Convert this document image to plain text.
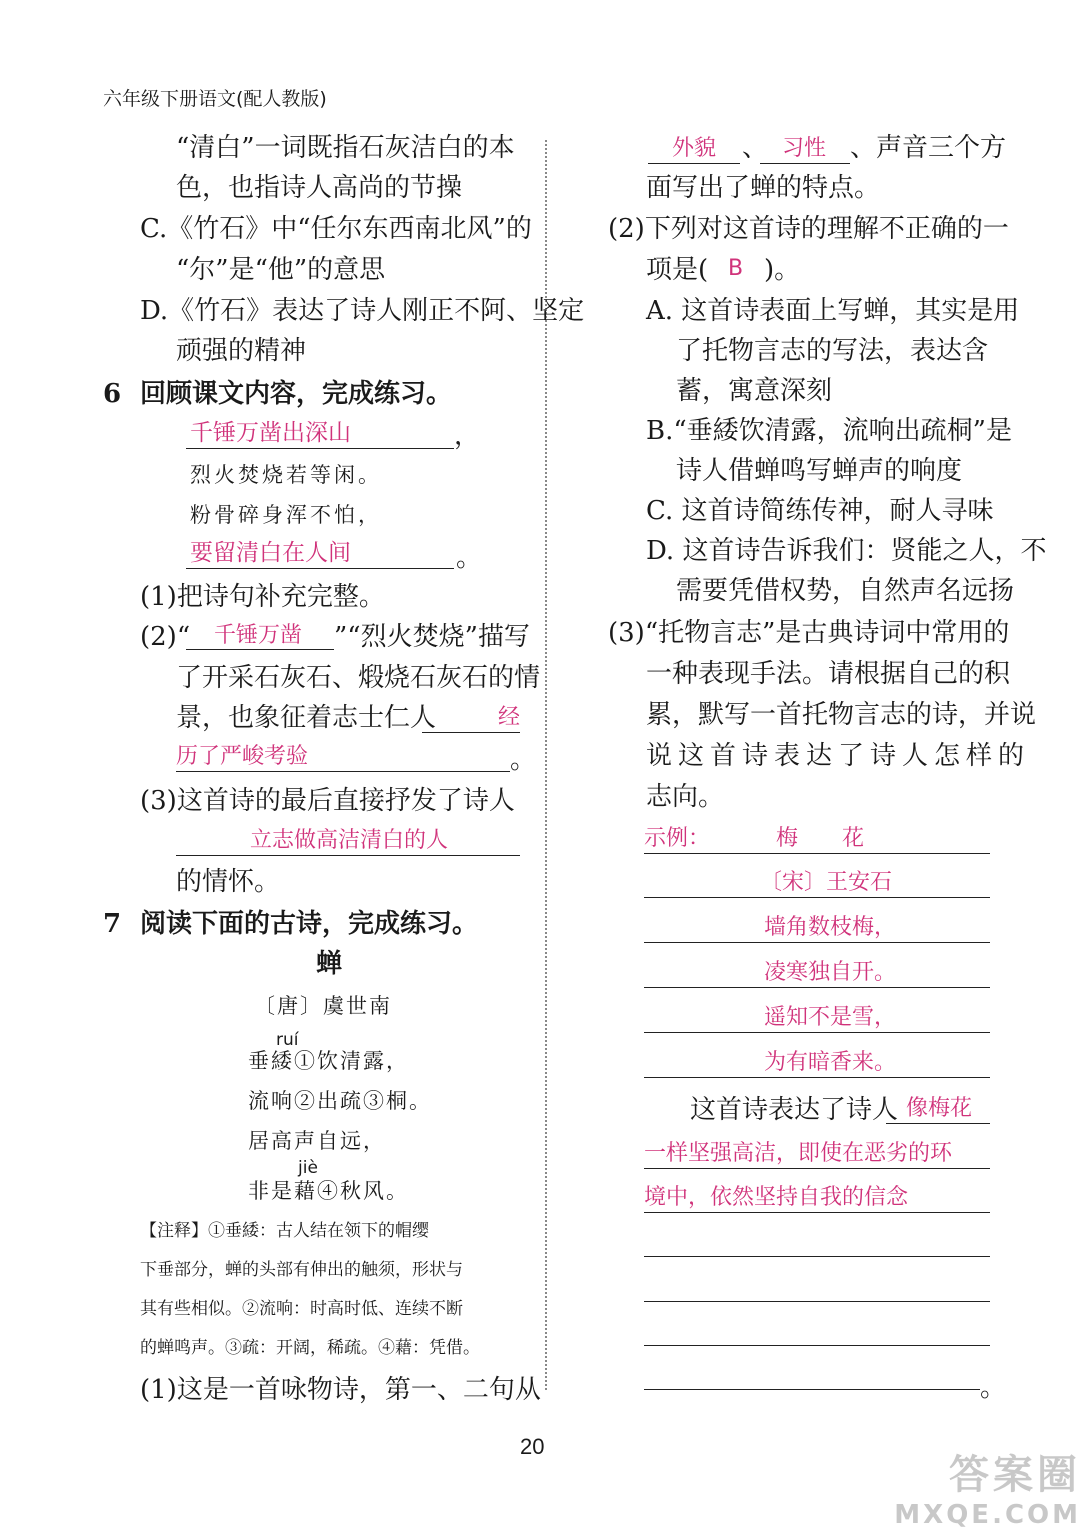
六年级下册语文(配人教版)
“清白”一词既指石灰洁白的本
色，也指诗人高尚的节操
C.《竹石》中“任尔东西南北风”的
“尔”是“他”的意思
D.《竹石》表达了诗人刚正不阿、坚定
顽强的精神
6 回顾课文内容，完成练习。
千锤万凿出深山	，
烈火焚烧若等闲。
粉骨碎身浑不怕，
要留清白在人间	。
(1)把诗句补充完整。
(2)“ 千锤万凿 ”“烈火焚烧”描写
了开采石灰石、煅烧石灰石的情
景，也象征着志士仁人	经
历了严峻考验	。
(3)这首诗的最后直接抒发了诗人
立志做高洁清白的人
的情怀。
7 阅读下面的古诗，完成练习。
蝉
〔唐〕虞世南
ruí
垂緌①饮清露，
流响②出疏③桐。
居高声自远，
jiè
非是藉④秋风。
【注释】①垂緌：古人结在领下的帽缨
下垂部分，蝉的头部有伸出的触须，形状与
其有些相似。②流响：时高时低、连续不断
的蝉鸣声。③疏：开阔，稀疏。④藉：凭借。
(1)这是一首咏物诗，第一、二句从
外貌 、 习性 、声音三个方
面写出了蝉的特点。
(2)下列对这首诗的理解不正确的一
项是( B )。
A. 这首诗表面上写蝉，其实是用
了托物言志的写法，表达含
蓄，寓意深刻
B.“垂緌饮清露，流响出疏桐”是
诗人借蝉鸣写蝉声的响度
C. 这首诗简练传神，耐人寻味
D. 这首诗告诉我们：贤能之人，不
需要凭借权势，自然声名远扬
(3)“托物言志”是古典诗词中常用的
一种表现手法。请根据自己的积
累，默写一首托物言志的诗，并说
说这首诗表达了诗人怎样的
志向。
示例：	梅　　花
〔宋〕王安石
墙角数枝梅，
凌寒独自开。
遥知不是雪，
为有暗香来。
这首诗表达了诗人 像梅花
一样坚强高洁，即使在恶劣的环
境中，依然坚持自我的信念
。
20
答案圈
MXQE.COM
